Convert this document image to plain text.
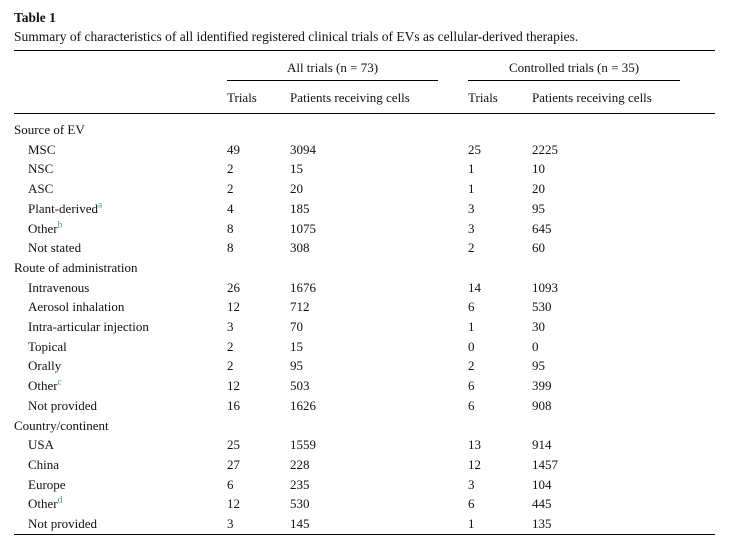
Table 1
Summary of characteristics of all identified registered clinical trials of EVs as cellular-derived therapies.

	All trials (n = 73)		Controlled trials (n = 35)	

	Trials	Patients receiving cells	Trials	Patients receiving cells
Source of EV				
MSC	49	3094	25	2225
NSC	2	15	1	10
ASC	2	20	1	20
Plant-derived$^a$	4	185	3	95
Other$^b$	8	1075	3	645
Not stated	8	308	2	60
Route of administration				
Intravenous	26	1676	14	1093
Aerosol inhalation	12	712	6	530
Intra-articular injection	3	70	1	30
Topical	2	15	0	0
Orally	2	95	2	95
Other$^c$	12	503	6	399
Not provided	16	1626	6	908
Country/continent				
USA	25	1559	13	914
China	27	228	12	1457
Europe	6	235	3	104
Other$^d$	12	530	6	445
Not provided	3	145	1	135
